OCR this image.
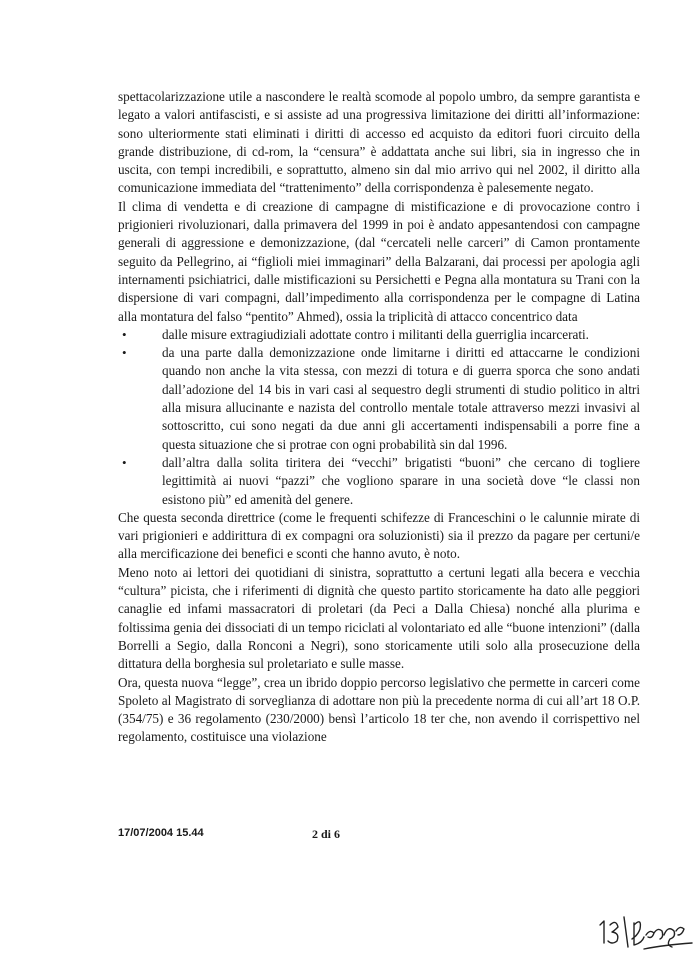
spettacolarizzazione utile a nascondere le realtà scomode al popolo umbro, da sempre garantista e legato a valori antifascisti, e si assiste ad una progressiva limitazione dei diritti all’informazione: sono ulteriormente stati eliminati i diritti di accesso ed acquisto da editori fuori circuito della grande distribuzione, di cd-rom, la “censura” è addattata anche sui libri, sia in ingresso che in uscita, con tempi incredibili, e soprattutto, almeno sin dal mio arrivo qui nel 2002, il diritto alla comunicazione immediata del “trattenimento” della corrispondenza è palesemente negato.

Il clima di vendetta e di creazione di campagne di mistificazione e di provocazione contro i prigionieri rivoluzionari, dalla primavera del 1999 in poi è andato appesantendosi con campagne generali di aggressione e demonizzazione, (dal “cercateli nelle carceri” di Camon prontamente seguito da Pellegrino, ai “figlioli miei immaginari” della Balzarani, dai processi per apologia agli internamenti psichiatrici, dalle mistificazioni su Persichetti e Pegna alla montatura su Trani con la dispersione di vari compagni, dall’impedimento alla corrispondenza per le compagne di Latina alla montatura del falso “pentito” Ahmed), ossia la triplicità di attacco concentrico data

•	dalle misure extragiudiziali adottate contro i militanti della guerriglia incarcerati.
•	da una parte dalla demonizzazione onde limitarne i diritti ed attaccarne le condizioni quando non anche la vita stessa, con mezzi di totura e di guerra sporca che sono andati dall’adozione del 14 bis in vari casi al sequestro degli strumenti di studio politico in altri alla misura allucinante e nazista del controllo mentale totale attraverso mezzi invasivi al sottoscritto, cui sono negati da due anni gli accertamenti indispensabili a porre fine a questa situazione che si protrae con ogni probabilità sin dal 1996.
•	dall’altra dalla solita tiritera dei “vecchi” brigatisti “buoni” che cercano di togliere legittimità ai nuovi “pazzi” che vogliono sparare in una società dove “le classi non esistono più” ed amenità del genere.

Che questa seconda direttrice (come le frequenti schifezze di Franceschini o le calunnie mirate di vari prigionieri e addirittura di ex compagni ora soluzionisti) sia il prezzo da pagare per certuni/e alla mercificazione dei benefici e sconti che hanno avuto, è noto.

Meno noto ai lettori dei quotidiani di sinistra, soprattutto a certuni legati alla becera e vecchia “cultura” picista, che i riferimenti di dignità che questo partito storicamente ha dato alle peggiori canaglie ed infami massacratori di proletari (da Peci a Dalla Chiesa) nonché alla plurima e foltissima genia dei dissociati di un tempo riciclati al volontariato ed alle “buone intenzioni” (dalla Borrelli a Segio, dalla Ronconi a Negri), sono storicamente utili solo alla prosecuzione della dittatura della borghesia sul proletariato e sulle masse.

Ora, questa nuova “legge”, crea un ibrido doppio percorso legislativo che permette in carceri come Spoleto al Magistrato di sorveglianza di adottare non più la precedente norma di cui all’art 18 O.P. (354/75) e 36 regolamento (230/2000) bensì l’articolo 18 ter che, non avendo il corrispettivo nel regolamento, costituisce una violazione

17/07/2004 15.44	2 di 6
